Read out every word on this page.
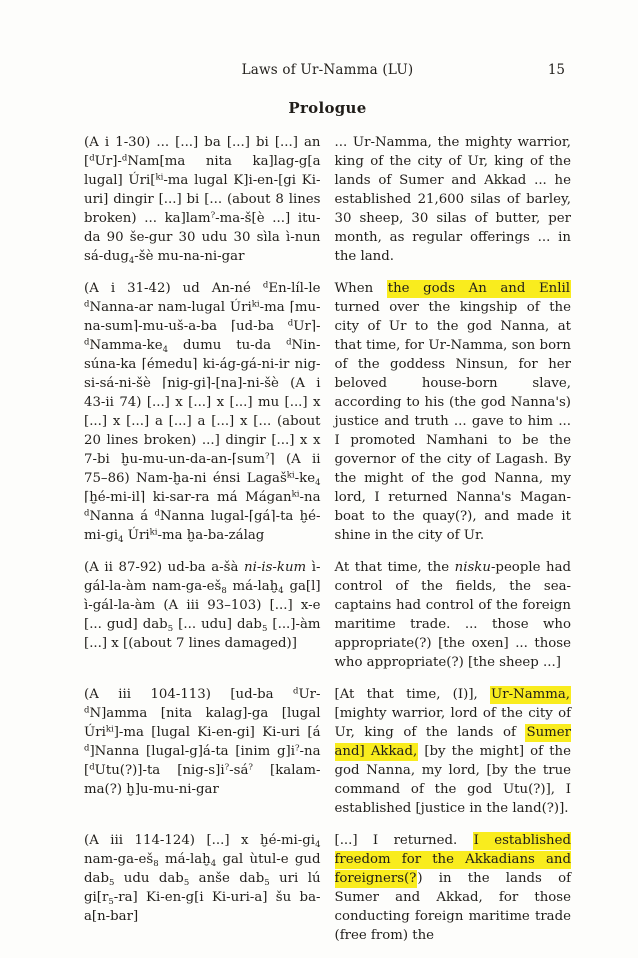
Laws of Ur-Namma (LU)	15
Prologue

(A i 1-30) ... [...] ba [...] bi [...] an [$^d$Ur]-$^d$Nam[ma nita ka]lag-g[a lugal] Úri[$^{ki}$-ma lugal K]i-en-[gi Ki-uri] dingir [...] bi [... (about 8 lines broken) ... ka]lam?-ma-š[è ...] itu-da 90 še-gur 30 udu 30 sìla ì-nun sá-dug$_4$-šè mu-na-ni-gar

... Ur-Namma, the mighty warrior, king of the city of Ur, king of the lands of Sumer and Akkad ... he established 21,600 silas of barley, 30 sheep, 30 silas of butter, per month, as regular offerings ... in the land.

(A i 31-42) ud An-né $^d$En-líl-le $^d$Nanna-ar nam-lugal Úri$^{ki}$-ma ⌈mu-na-sum⌉-mu-uš-a-ba ⌈ud-ba $^dUr⌉-^dNamma-ke_4$ dumu tu-da $^d$Nin-súna-ka ⌈émedu⌉ ki-ág-gá-ni-ir nig-si-sá-ni-šè ⌈nig-gi⌉-[na]-ni-šè (A i 43-ii 74) [...] x [...] x [...] mu [...] x [...] x [...] a [...] a [...] x [... (about 20 lines broken) ...] dingir [...] x x 7-bi ḫu-mu-un-da-an-⌈sum?⌉ (A ii 75–86) Nam-ḫa-ni énsi $Lagaš^{ki}-ke_4$ ⌈ḫé-mi-il⌉ ki-sar-ra má Mágan$^{ki}$-na $^d$Nanna á $^d$Nanna lugal-⌈gá⌉-ta $ḫé-mi-gi_4$ Úri$^{ki}$-ma ḫa-ba-zálag

When the gods An and Enlil turned over the kingship of the city of Ur to the god Nanna, at that time, for Ur-Namma, son born of the goddess Ninsun, for her beloved house-born slave, according to his (the god Nanna's) justice and truth ... gave to him ... I promoted Namhani to be the governor of the city of Lagash. By the might of the god Nanna, my lord, I returned Nanna's Magan-boat to the quay(?), and made it shine in the city of Ur.

(A ii 87-92) ud-ba a-šà ni-is-kum ì-gál-la-àm nam-$ga-eš_8$ má-laḫ$_4$ ga[l] ì-gál-la-àm (A iii 93–103) [...] x-e [... gud] dab$_5$ [... udu] dab$_5$ [...]-àm [...] x [(about 7 lines damaged)]

At that time, the nisku-people had control of the fields, the sea-captains had control of the foreign maritime trade. ... those who appropriate(?) [the oxen] ... those who appropriate(?) [the sheep ...]

(A iii 104-113) [ud-ba $^d$Ur-$^d$N]amma [nita kalag]-ga [lugal Úri$^{ki}$]-ma [lugal Ki-en-gi] Ki-uri [á $^d$]Nanna [lugal-g]á-ta [inim g]i?-na [$^d$Utu(?)]-ta [nig-s]i?-sá? [kalam-ma(?) ḫ]u-mu-ni-gar

[At that time, (I)], Ur-Namma, [mighty warrior, lord of the city of Ur, king of the lands of Sumer and] Akkad, [by the might] of the god Nanna, my lord, [by the true command of the god Utu(?)], I established [justice in the land(?)].

(A iii 114-124) [...] x $ḫé-mi-gi_4$ nam-$ga-eš_8$ má-laḫ$_4$ gal ùtul-e gud dab$_5$ udu dab$_5$ anše dab$_5$ uri lú $gi[r_5-ra]$ Ki-en-g[i Ki-uri-a] šu ba-a[n-bar]

[...] I returned. I established freedom for the Akkadians and foreigners(?) in the lands of Sumer and Akkad, for those conducting foreign maritime trade (free from) the
